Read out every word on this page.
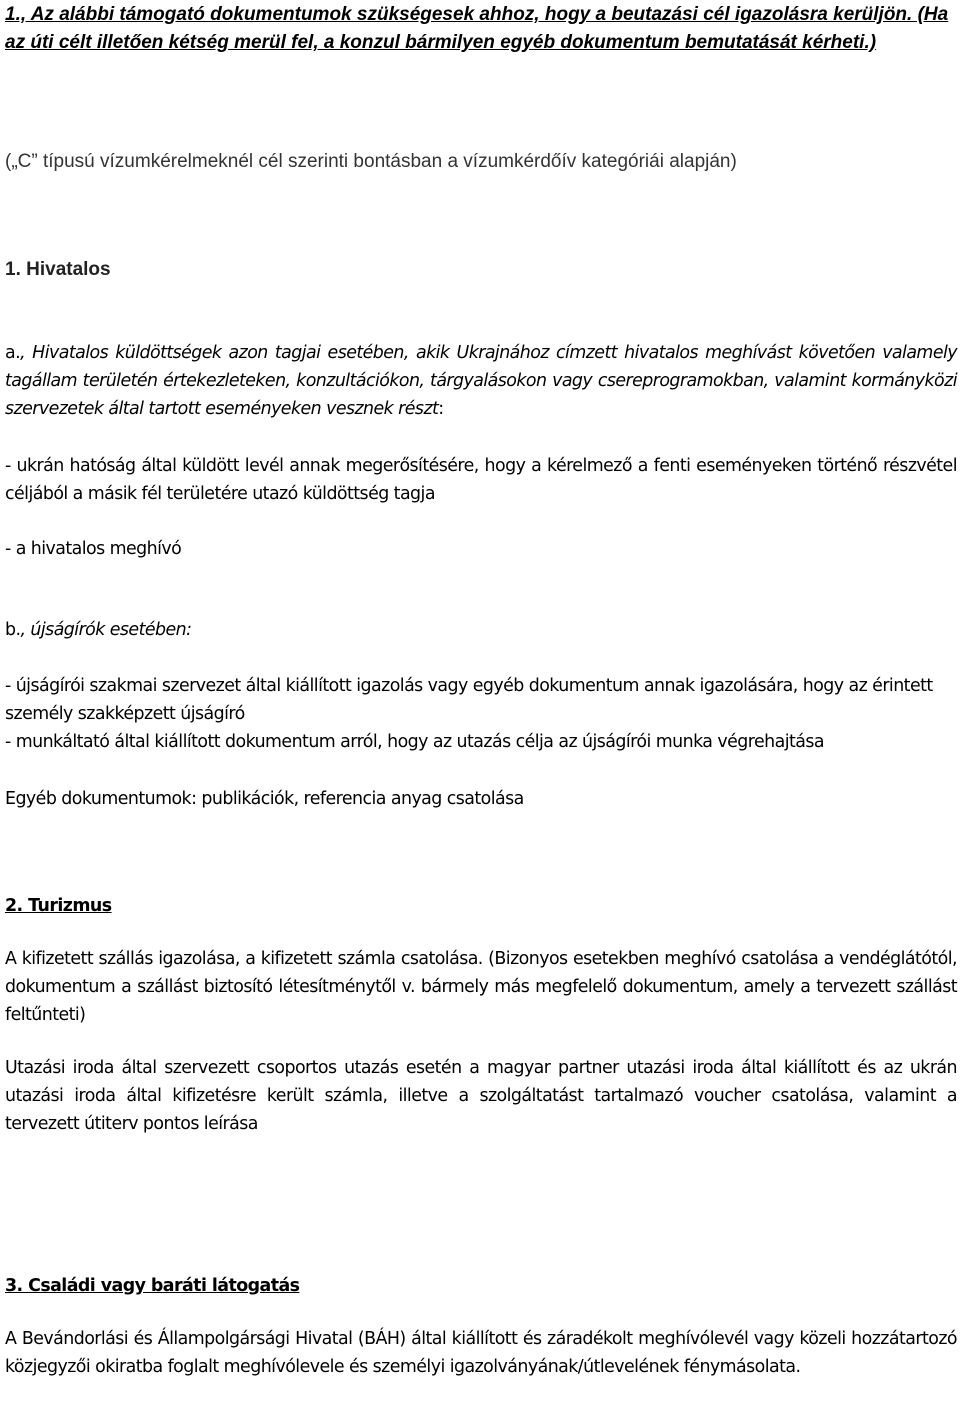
1., Az alábbi támogató dokumentumok szükségesek ahhoz, hogy a beutazási cél igazolásra kerüljön. (Ha az úti célt illetően kétség merül fel, a konzul bármilyen egyéb dokumentum bemutatását kérheti.)
(„C” típusú vízumkérelmeknél cél szerinti bontásban a vízumkérdőív kategóriái alapján)
1. Hivatalos
a., Hivatalos küldöttségek azon tagjai esetében, akik Ukrajnához címzett hivatalos meghívást követően valamely tagállam területén értekezleteken, konzultációkon, tárgyalásokon vagy csereprogramokban, valamint kormányközi szervezetek által tartott eseményeken vesznek részt:
- ukrán hatóság által küldött levél annak megerősítésére, hogy a kérelmező a fenti eseményeken történő részvétel céljából a másik fél területére utazó küldöttség tagja
- a hivatalos meghívó
b., újságírók esetében:
- újságírói szakmai szervezet által kiállított igazolás vagy egyéb dokumentum annak igazolására, hogy az érintett személy szakképzett újságíró
- munkáltató által kiállított dokumentum arról, hogy az utazás célja az újságírói munka végrehajtása
Egyéb dokumentumok: publikációk, referencia anyag csatolása
2. Turizmus
A kifizetett szállás igazolása, a kifizetett számla csatolása. (Bizonyos esetekben meghívó csatolása a vendéglátótól, dokumentum a szállást biztosító létesítménytől v. bármely más megfelelő dokumentum, amely a tervezett szállást feltűnteti)
Utazási iroda által szervezett csoportos utazás esetén a magyar partner utazási iroda által kiállított és az ukrán utazási iroda által kifizetésre került számla, illetve a szolgáltatást tartalmazó voucher csatolása, valamint a tervezett útiterv pontos leírása
3. Családi vagy baráti látogatás
A Bevándorlási és Állampolgársági Hivatal (BÁH) által kiállított és záradékolt meghívólevél vagy közeli hozzátartozó közjegyzői okiratba foglalt meghívólevele és személyi igazolványának/útlevelének fénymásolata.
